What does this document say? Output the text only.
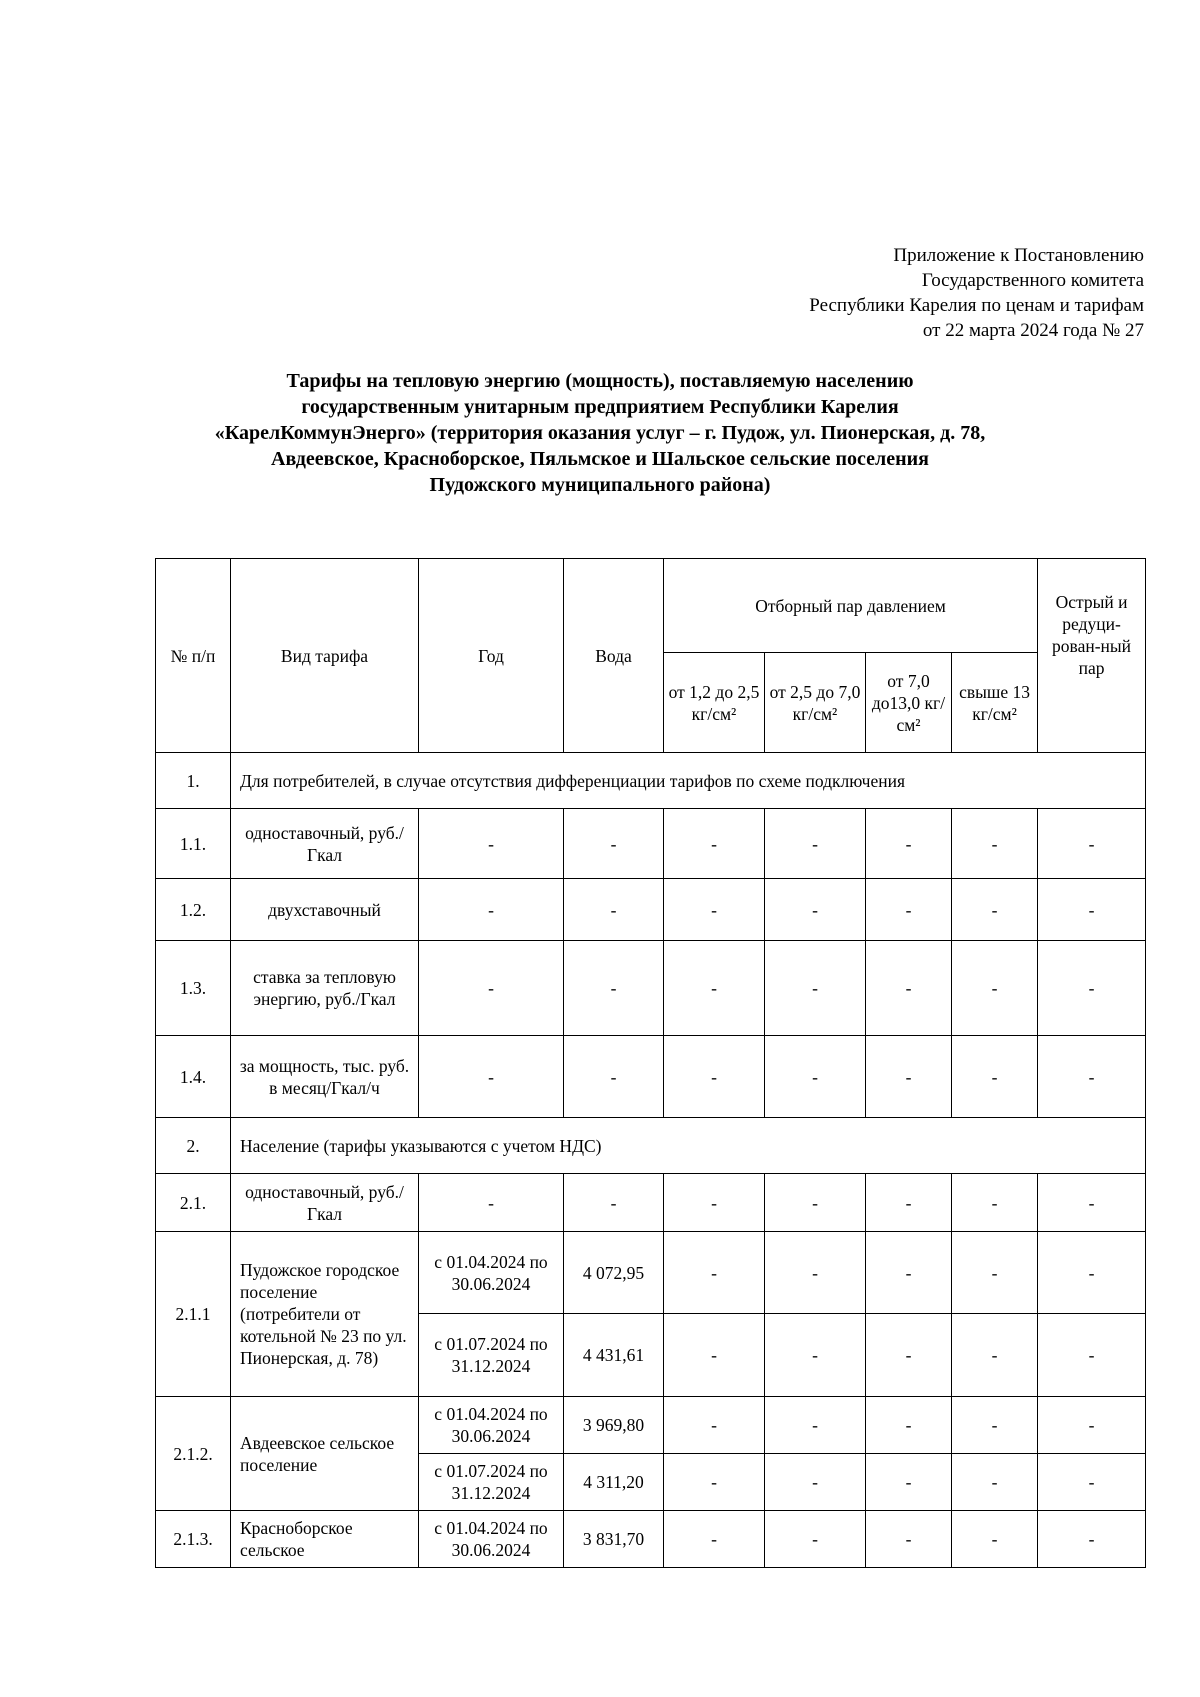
Приложение к Постановлению
Государственного комитета
Республики Карелия по ценам и тарифам
от 22 марта 2024 года № 27
Тарифы на тепловую энергию (мощность), поставляемую населению
государственным унитарным предприятием Республики Карелия
«КарелКоммунЭнерго» (территория оказания услуг – г. Пудож, ул. Пионерская, д. 78,
Авдеевское, Красноборское, Пяльмское и Шальское сельские поселения
Пудожского муниципального района)
№ п/п	Вид тарифа	Год	Вода	Отборный пар давлением				Острый и редуци-рован-ный пар
				от 1,2 до 2,5 кг/см²	от 2,5 до 7,0 кг/см²	от 7,0 до13,0 кг/см²	свыше 13 кг/см²	
1.	Для потребителей, в случае отсутствия дифференциации тарифов по схеме подключения							
1.1.	одноставочный, руб./Гкал	-	-	-	-	-	-	-
1.2.	двухставочный	-	-	-	-	-	-	-
1.3.	ставка за тепловую энергию, руб./Гкал	-	-	-	-	-	-	-
1.4.	за мощность, тыс. руб. в месяц/Гкал/ч	-	-	-	-	-	-	-
2.	Население (тарифы указываются с учетом НДС)							
2.1.	одноставочный, руб./Гкал	-	-	-	-	-	-	-
2.1.1	Пудожское городское поселение (потребители от котельной № 23 по ул. Пионерская, д. 78)	с 01.04.2024 по 30.06.2024	4 072,95	-	-	-	-	-
		с 01.07.2024 по 31.12.2024	4 431,61	-	-	-	-	-
2.1.2.	Авдеевское сельское поселение	с 01.04.2024 по 30.06.2024	3 969,80	-	-	-	-	-
		с 01.07.2024 по 31.12.2024	4 311,20	-	-	-	-	-
2.1.3.	Красноборское сельское	с 01.04.2024 по 30.06.2024	3 831,70	-	-	-	-	-
